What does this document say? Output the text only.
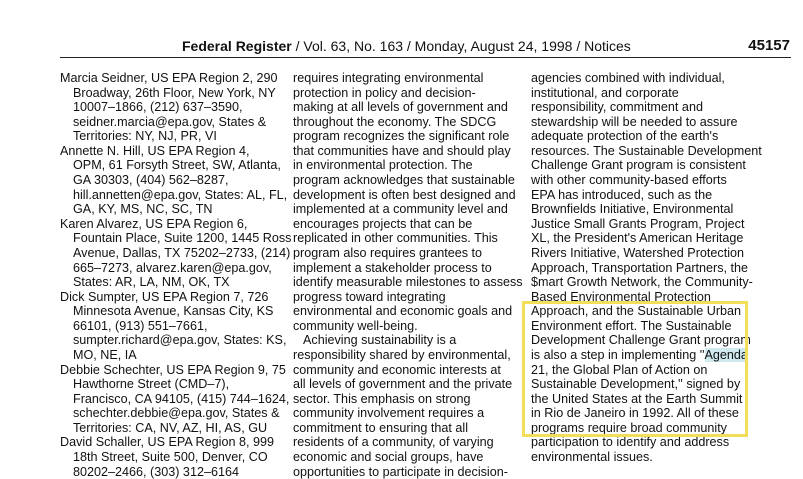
Federal Register / Vol. 63, No. 163 / Monday, August 24, 1998 / Notices	45157
Marcia Seidner, US EPA Region 2, 290
Broadway, 26th Floor, New York, NY
10007–1866, (212) 637–3590,
seidner.marcia@epa.gov, States &
Territories: NY, NJ, PR, VI
Annette N. Hill, US EPA Region 4,
OPM, 61 Forsyth Street, SW, Atlanta,
GA 30303, (404) 562–8287,
hill.annetten@epa.gov, States: AL, FL,
GA, KY, MS, NC, SC, TN
Karen Alvarez, US EPA Region 6,
Fountain Place, Suite 1200, 1445 Ross
Avenue, Dallas, TX 75202–2733, (214)
665–7273, alvarez.karen@epa.gov,
States: AR, LA, NM, OK, TX
Dick Sumpter, US EPA Region 7, 726
Minnesota Avenue, Kansas City, KS
66101, (913) 551–7661,
sumpter.richard@epa.gov, States: KS,
MO, NE, IA
Debbie Schechter, US EPA Region 9, 75
Hawthorne Street (CMD–7),
Francisco, CA 94105, (415) 744–1624,
schechter.debbie@epa.gov, States &
Territories: CA, NV, AZ, HI, AS, GU
David Schaller, US EPA Region 8, 999
18th Street, Suite 500, Denver, CO
80202–2466, (303) 312–6164
requires integrating environmental
protection in policy and decision-
making at all levels of government and
throughout the economy. The SDCG
program recognizes the significant role
that communities have and should play
in environmental protection. The
program acknowledges that sustainable
development is often best designed and
implemented at a community level and
encourages projects that can be
replicated in other communities. This
program also requires grantees to
implement a stakeholder process to
identify measurable milestones to assess
progress toward integrating
environmental and economic goals and
community well-being.
Achieving sustainability is a
responsibility shared by environmental,
community and economic interests at
all levels of government and the private
sector. This emphasis on strong
community involvement requires a
commitment to ensuring that all
residents of a community, of varying
economic and social groups, have
opportunities to participate in decision-
agencies combined with individual,
institutional, and corporate
responsibility, commitment and
stewardship will be needed to assure
adequate protection of the earth's
resources. The Sustainable Development
Challenge Grant program is consistent
with other community-based efforts
EPA has introduced, such as the
Brownfields Initiative, Environmental
Justice Small Grants Program, Project
XL, the President's American Heritage
Rivers Initiative, Watershed Protection
Approach, Transportation Partners, the
$mart Growth Network, the Community-
Based Environmental Protection
Approach, and the Sustainable Urban
Environment effort. The Sustainable
Development Challenge Grant program
is also a step in implementing ''Agenda
21, the Global Plan of Action on
Sustainable Development,'' signed by
the United States at the Earth Summit
in Rio de Janeiro in 1992. All of these
programs require broad community
participation to identify and address
environmental issues.
